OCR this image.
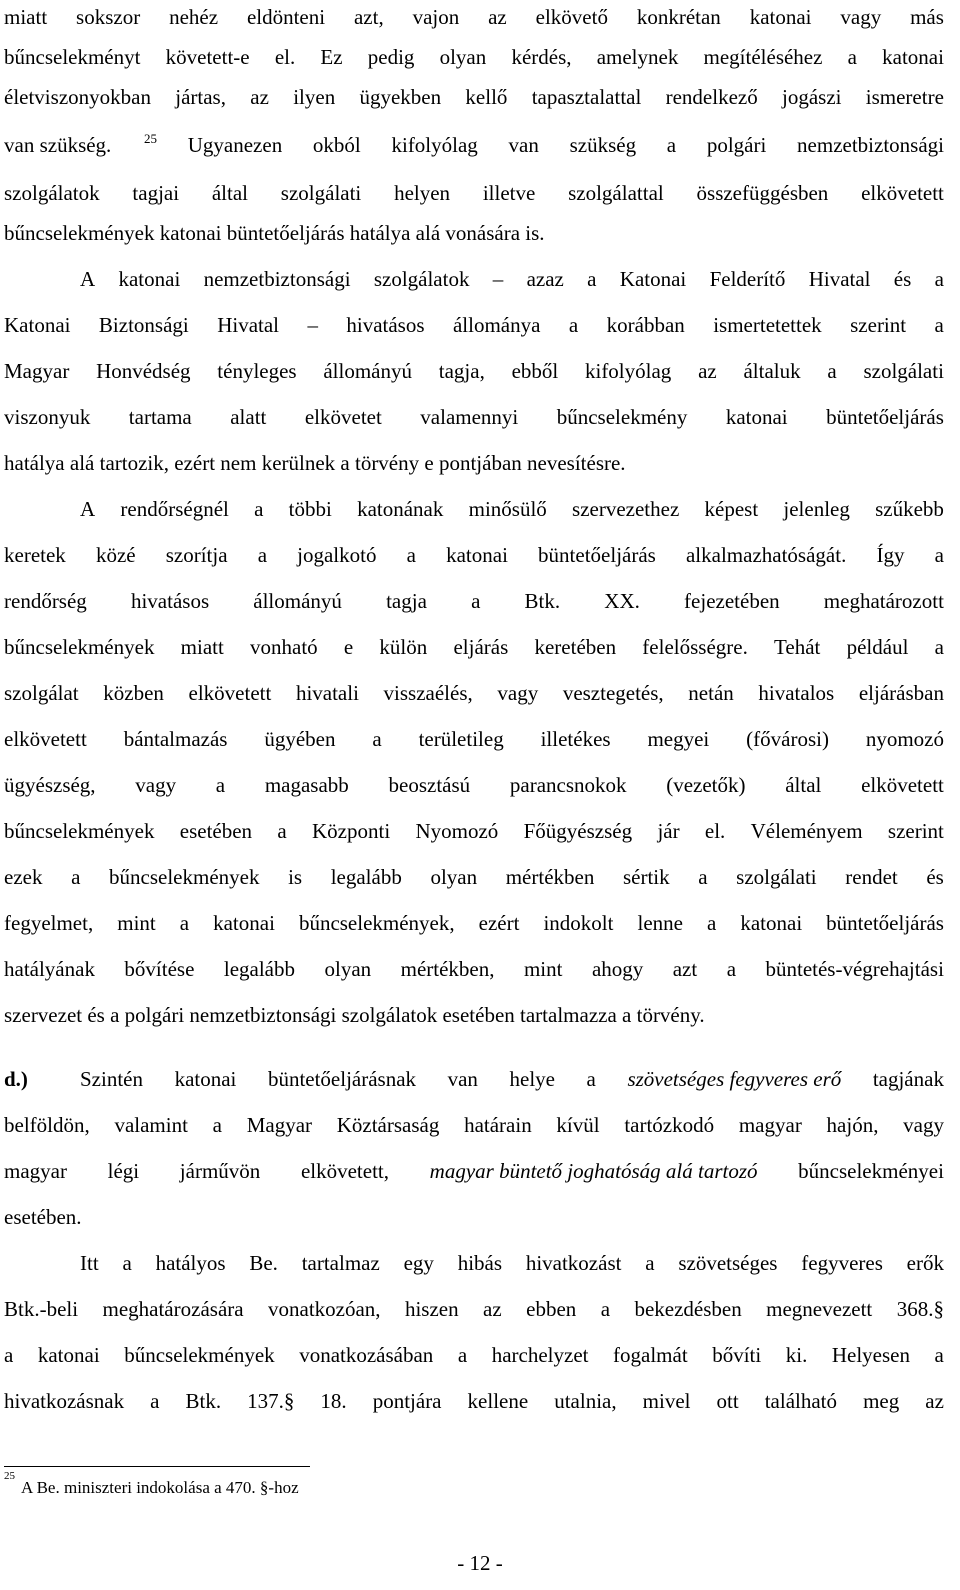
miatt sokszor nehéz eldönteni azt, vajon az elkövető konkrétan katonai vagy más
bűncselekményt követett-e el. Ez pedig olyan kérdés, amelynek megítéléséhez a katonai
életviszonyokban jártas, az ilyen ügyekben kellő tapasztalattal rendelkező jogászi ismeretre
van szükség.	$^{25}$ Ugyanezen okból kifolyólag van szükség a polgári nemzetbiztonsági
szolgálatok tagjai által szolgálati helyen illetve szolgálattal összefüggésben elkövetett
bűncselekmények katonai büntetőeljárás hatálya alá vonására is.
A katonai nemzetbiztonsági szolgálatok – azaz a Katonai Felderítő Hivatal és a
Katonai Biztonsági Hivatal – hivatásos állománya a korábban ismertetettek szerint a
Magyar Honvédség tényleges állományú tagja, ebből kifolyólag az általuk a szolgálati
viszonyuk tartama alatt elkövetet valamennyi bűncselekmény katonai büntetőeljárás
hatálya alá tartozik, ezért nem kerülnek a törvény e pontjában nevesítésre.
A rendőrségnél a többi katonának minősülő szervezethez képest jelenleg szűkebb
keretek közé szorítja a jogalkotó a katonai büntetőeljárás alkalmazhatóságát. Így a
rendőrség hivatásos állományú tagja a Btk. XX. fejezetében meghatározott
bűncselekmények miatt vonható e külön eljárás keretében felelősségre. Tehát például a
szolgálat közben elkövetett hivatali visszaélés, vagy vesztegetés, netán hivatalos eljárásban
elkövetett bántalmazás ügyében a területileg illetékes megyei (fővárosi) nyomozó
ügyészség, vagy a magasabb beosztású parancsnokok (vezetők) által elkövetett
bűncselekmények esetében a Központi Nyomozó Főügyészség jár el. Véleményem szerint
ezek a bűncselekmények is legalább olyan mértékben sértik a szolgálati rendet és
fegyelmet, mint a katonai bűncselekmények, ezért indokolt lenne a katonai büntetőeljárás
hatályának bővítése legalább olyan mértékben, mint ahogy azt a büntetés-végrehajtási
szervezet és a polgári nemzetbiztonsági szolgálatok esetében tartalmazza a törvény.
d.) Szintén katonai büntetőeljárásnak van helye a szövetséges fegyveres erő tagjának
belföldön, valamint a Magyar Köztársaság határain kívül tartózkodó magyar hajón, vagy
magyar légi járművön elkövetett, magyar büntető joghatóság alá tartozó bűncselekményei
esetében.
Itt a hatályos Be. tartalmaz egy hibás hivatkozást a szövetséges fegyveres erők
Btk.-beli meghatározására vonatkozóan, hiszen az ebben a bekezdésben megnevezett 368.§
a katonai bűncselekmények vonatkozásában a harchelyzet fogalmát bővíti ki. Helyesen a
hivatkozásnak a Btk. 137.§ 18. pontjára kellene utalnia, mivel ott található meg az
$^{25}$A Be. miniszteri indokolása a 470. §-hoz
- 12 -
